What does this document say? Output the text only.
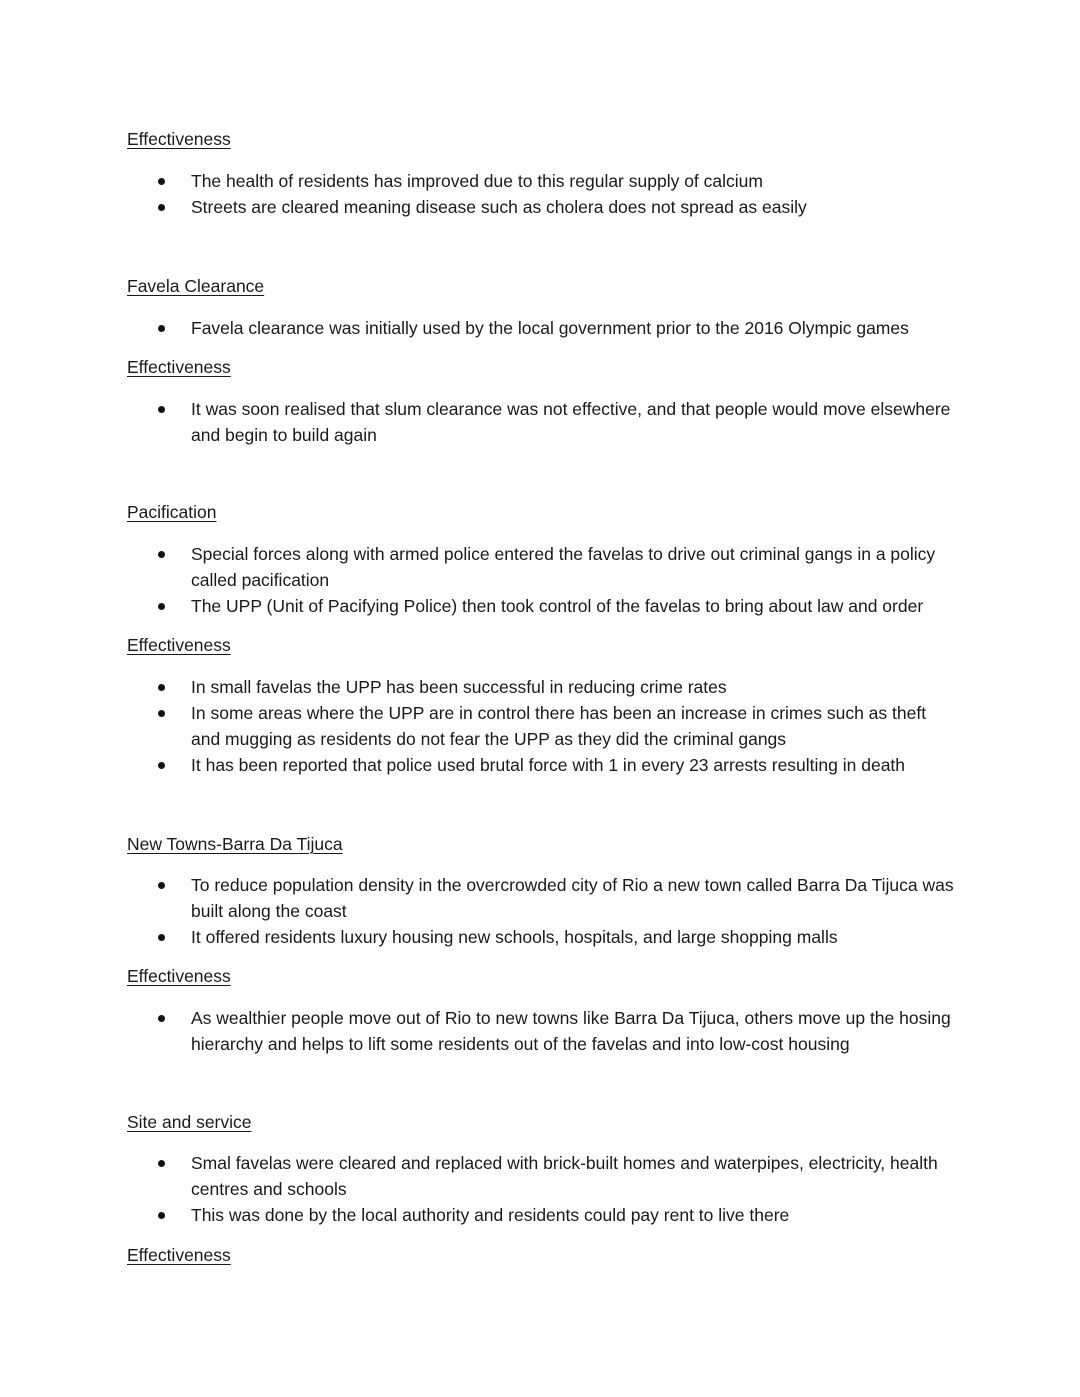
Effectiveness
The health of residents has improved due to this regular supply of calcium
Streets are cleared meaning disease such as cholera does not spread as easily
Favela Clearance
Favela clearance was initially used by the local government prior to the 2016 Olympic games
Effectiveness
It was soon realised that slum clearance was not effective, and that people would move elsewhere and begin to build again
Pacification
Special forces along with armed police entered the favelas to drive out criminal gangs in a policy called pacification
The UPP (Unit of Pacifying Police) then took control of the favelas to bring about law and order
Effectiveness
In small favelas the UPP has been successful in reducing crime rates
In some areas where the UPP are in control there has been an increase in crimes such as theft and mugging as residents do not fear the UPP as they did the criminal gangs
It has been reported that police used brutal force with 1 in every 23 arrests resulting in death
New Towns-Barra Da Tijuca
To reduce population density in the overcrowded city of Rio a new town called Barra Da Tijuca was built along the coast
It offered residents luxury housing new schools, hospitals, and large shopping malls
Effectiveness
As wealthier people move out of Rio to new towns like Barra Da Tijuca, others move up the hosing hierarchy and helps to lift some residents out of the favelas and into low-cost housing
Site and service
Smal favelas were cleared and replaced with brick-built homes and waterpipes, electricity, health centres and schools
This was done by the local authority and residents could pay rent to live there
Effectiveness
